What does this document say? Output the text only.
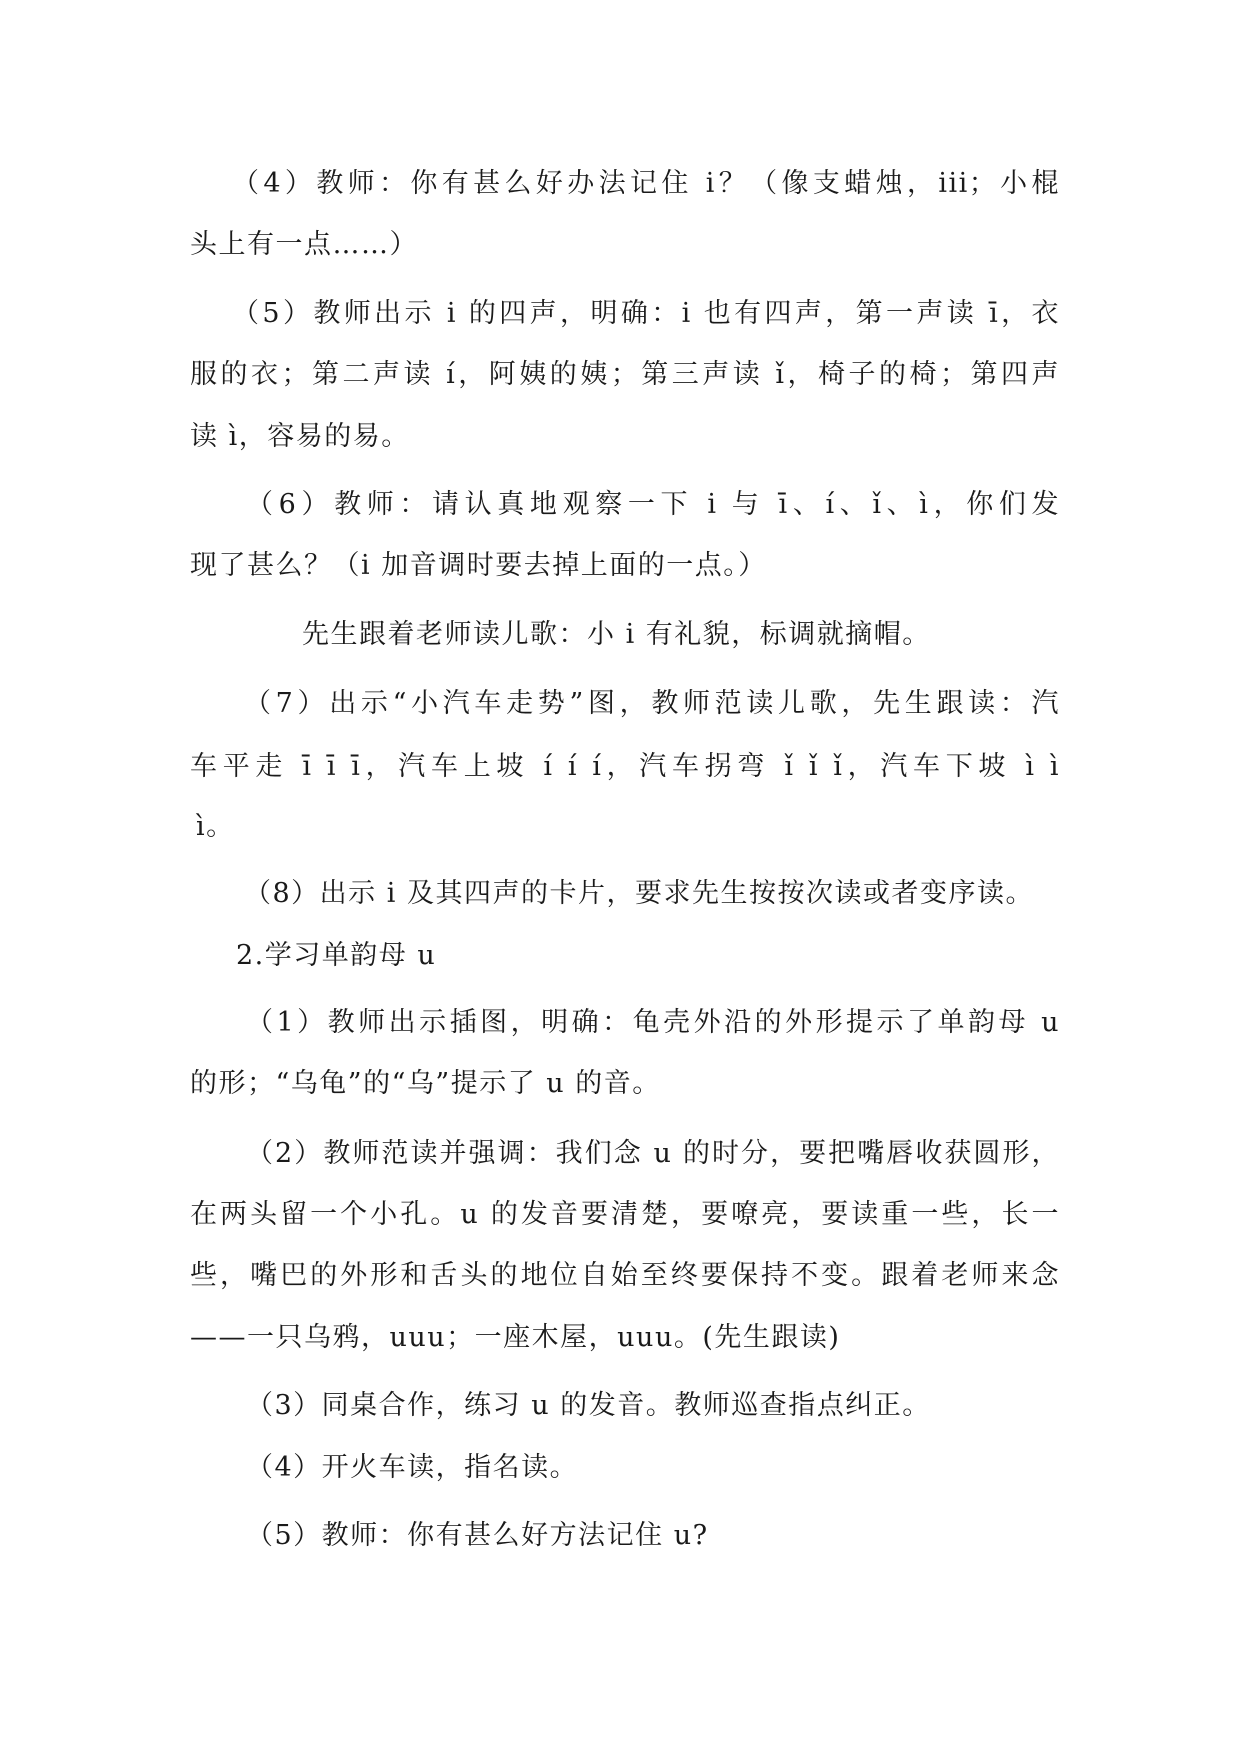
（4）教师：你有甚么好办法记住 i？（像支蜡烛，iii；小棍
头上有一点……）
（5）教师出示 i 的四声，明确：i 也有四声，第一声读 ī，衣
服的衣；第二声读 í，阿姨的姨；第三声读 ǐ，椅子的椅；第四声
读 ì，容易的易。
（6）教师：请认真地观察一下 i 与 ī、í、ǐ、ì，你们发
现了甚么？（i 加音调时要去掉上面的一点。）
先生跟着老师读儿歌：小 i 有礼貌，标调就摘帽。
（7）出示“小汽车走势”图，教师范读儿歌，先生跟读：汽
车平走 ī ī ī，汽车上坡 í í í，汽车拐弯 ǐ ǐ ǐ，汽车下坡 ì ì
ì。
（8）出示 i 及其四声的卡片，要求先生按按次读或者变序读。
2.学习单韵母 u
（1）教师出示插图，明确：龟壳外沿的外形提示了单韵母 u
的形；“乌龟”的“乌”提示了 u 的音。
（2）教师范读并强调：我们念 u 的时分，要把嘴唇收获圆形，
在两头留一个小孔。u 的发音要清楚，要嘹亮，要读重一些，长一
些，嘴巴的外形和舌头的地位自始至终要保持不变。跟着老师来念
——一只乌鸦，uuu；一座木屋，uuu。(先生跟读)
（3）同桌合作，练习 u 的发音。教师巡查指点纠正。
（4）开火车读，指名读。
（5）教师：你有甚么好方法记住 u?
